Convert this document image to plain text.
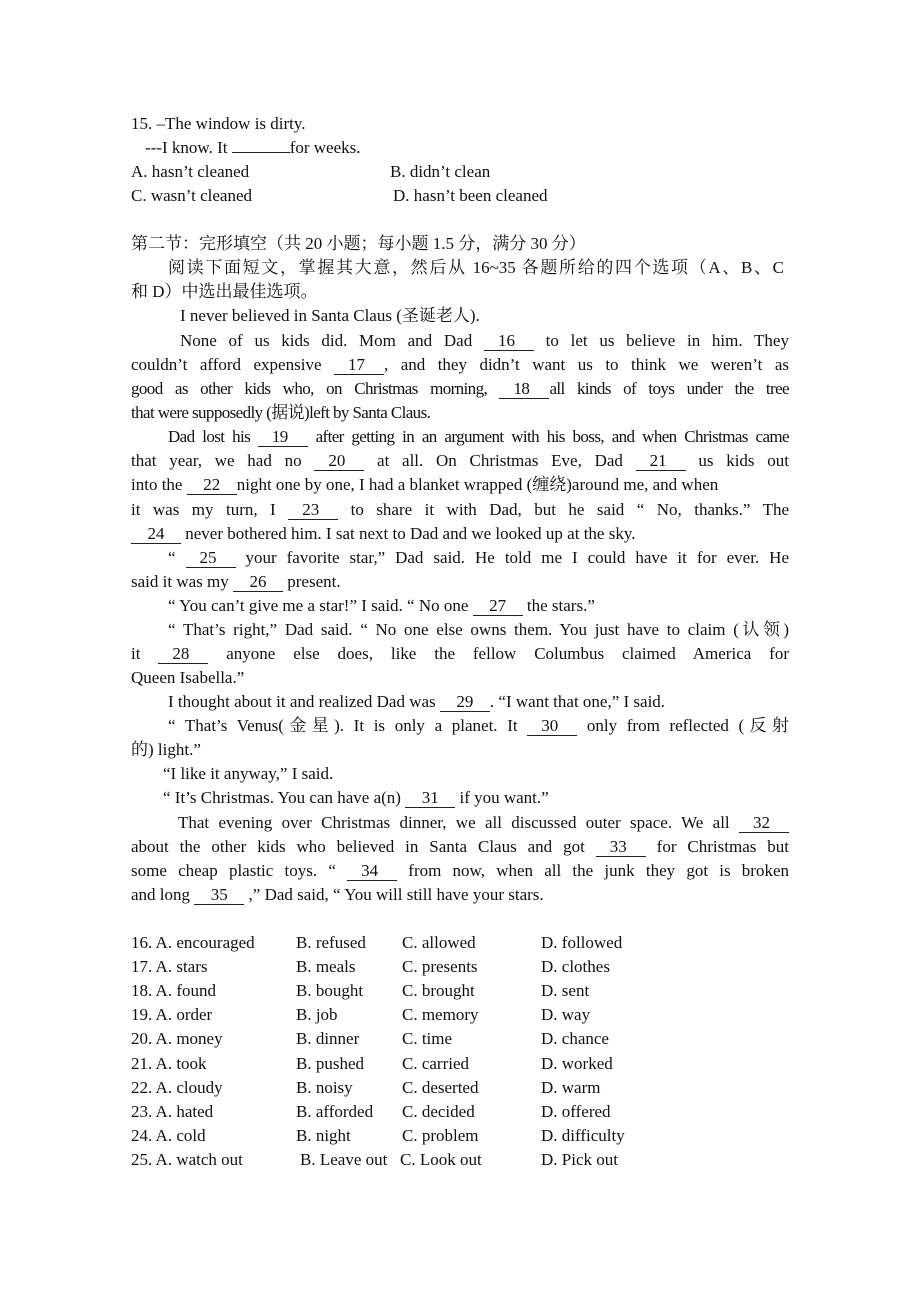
15. –The window is dirty.
---I know. It	for weeks.
A. hasn’t cleaned	B. didn’t clean
C. wasn’t cleaned	D. hasn’t been cleaned
第二节：完形填空（共 20 小题；每小题 1.5 分，满分 30 分）
阅读下面短文，掌握其大意，然后从 16~35 各题所给的四个选项（A、B、C
和 D）中选出最佳选项。
I never believed in Santa Claus (圣诞老人).
None of us kids did. Mom and Dad 16 to let us believe in him. They
couldn’t afford expensive 17 , and they didn’t want us to think we weren’t as
good as other kids who, on Christmas morning, 18 all kinds of toys under the tree
that were supposedly (据说)left by Santa Claus.
Dad lost his 19 after getting in an argument with his boss, and when Christmas came
that year, we had no 20 at all. On Christmas Eve, Dad 21 us kids out
into the 22 night one by one, I had a blanket wrapped (缠绕)around me, and when
it was my turn, I 23 to share it with Dad, but he said “ No, thanks.” The
24 never bothered him. I sat next to Dad and we looked up at the sky.
“ 25 your favorite star,” Dad said. He told me I could have it for ever. He
said it was my 26 present.
“ You can’t give me a star!” I said. “ No one 27 the stars.”
“ That’s right,” Dad said. “ No one else owns them. You just have to claim (认领)
it 28 anyone else does, like the fellow Columbus claimed America for
Queen Isabella.”
I thought about it and realized Dad was 29 . “I want that one,” I said.
“ That’s Venus(金星). It is only a planet. It 30 only from reflected (反射
的) light.”
“I like it anyway,” I said.
“ It’s Christmas. You can have a(n) 31 if you want.”
That evening over Christmas dinner, we all discussed outer space. We all 32
about the other kids who believed in Santa Claus and got 33 for Christmas but
some cheap plastic toys. “ 34 from now, when all the junk they got is broken
and long 35 ,” Dad said, “ You will still have your stars.
16. A. encouraged B. refused C. allowed	D. followed
17. A. stars	B. meals	C. presents	D. clothes
18. A. found	B. bought C. brought	D. sent
19. A. order	B. job	C. memory	D. way
20. A. money	B. dinner	C. time	D. chance
21. A. took	B. pushed C. carried	D. worked
22. A. cloudy	B. noisy	C. deserted	D. warm
23. A. hated	B. afforded C. decided	D. offered
24. A. cold	B. night	C. problem	D. difficulty
25. A. watch out	B. Leave out C. Look out	D. Pick out
